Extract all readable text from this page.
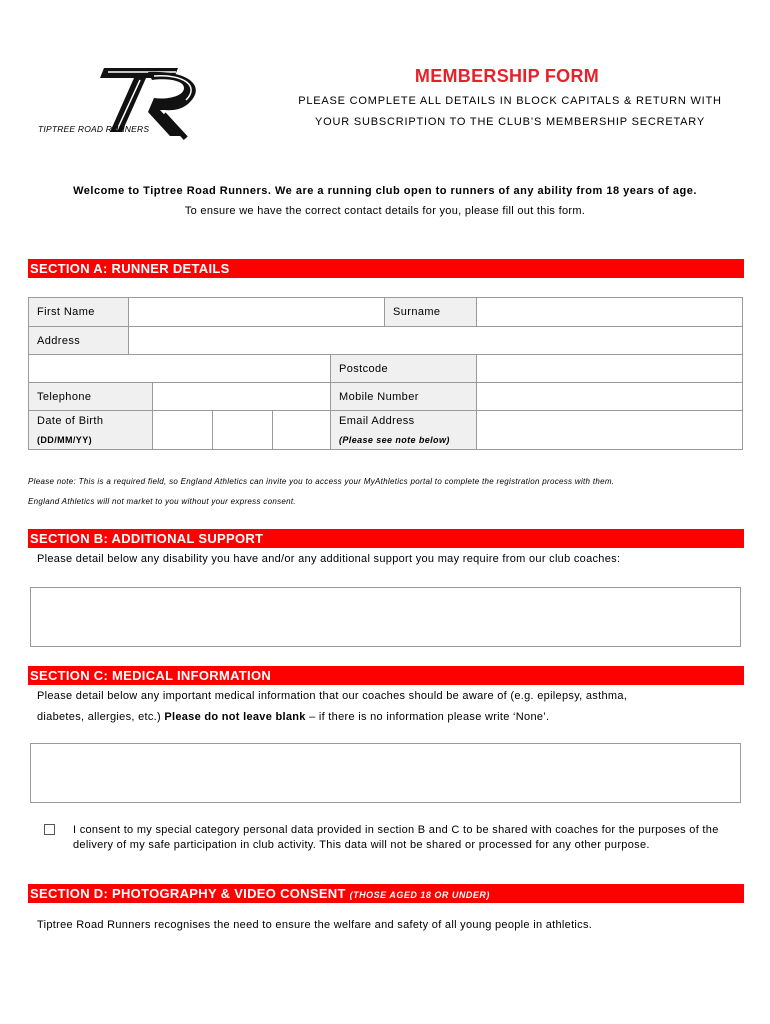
TIPTREE ROAD RUNNERS
MEMBERSHIP FORM
PLEASE COMPLETE ALL DETAILS IN BLOCK CAPITALS & RETURN WITH
YOUR SUBSCRIPTION TO THE CLUB’S MEMBERSHIP SECRETARY
Welcome to Tiptree Road Runners. We are a running club open to runners of any ability from 18 years of age.
To ensure we have the correct contact details for you, please fill out this form.
SECTION A: RUNNER DETAILS
First Name	Surname
Address
Postcode
Telephone	Mobile Number
Date of Birth
(DD/MM/YY)
Email Address
(Please see note below)
Please note: This is a required field, so England Athletics can invite you to access your MyAthletics portal to complete the registration process with them.
England Athletics will not market to you without your express consent.
SECTION B: ADDITIONAL SUPPORT
Please detail below any disability you have and/or any additional support you may require from our club coaches:
SECTION C: MEDICAL INFORMATION
Please detail below any important medical information that our coaches should be aware of (e.g. epilepsy, asthma,
diabetes, allergies, etc.) Please do not leave blank – if there is no information please write ‘None’.
I consent to my special category personal data provided in section B and C to be shared with coaches for the purposes of the delivery of my safe participation in club activity. This data will not be shared or processed for any other purpose.
SECTION D: PHOTOGRAPHY & VIDEO CONSENT (THOSE AGED 18 OR UNDER)
Tiptree Road Runners recognises the need to ensure the welfare and safety of all young people in athletics.
